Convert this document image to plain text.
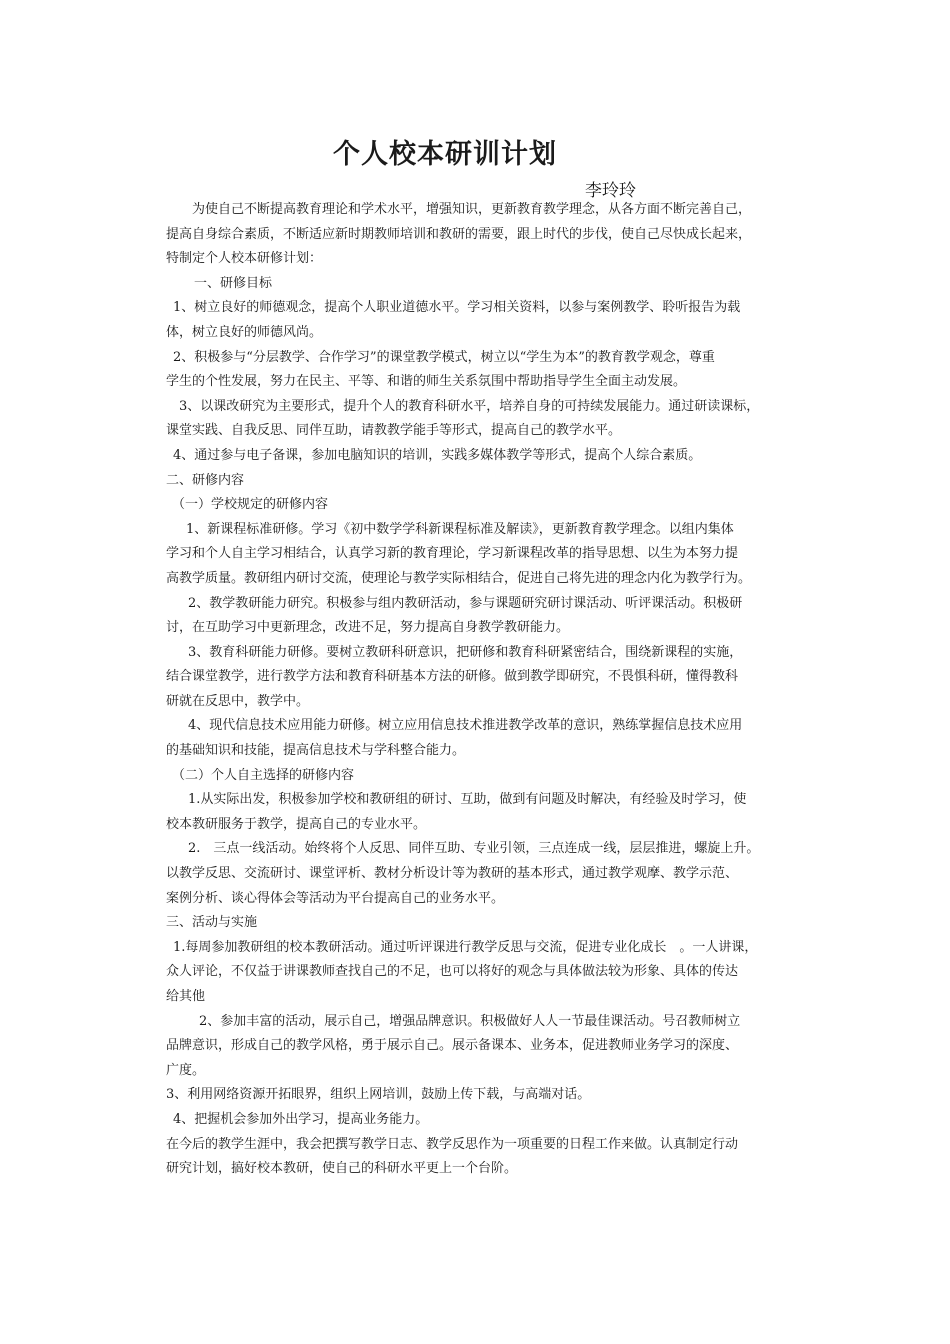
个人校本研训计划
李玲玲
为使自己不断提高教育理论和学术水平，增强知识，更新教育教学理念，从各方面不断完善自己，
提高自身综合素质，不断适应新时期教师培训和教研的需要，跟上时代的步伐，使自己尽快成长起来，
特制定个人校本研修计划：
一、研修目标
1、树立良好的师德观念，提高个人职业道德水平。学习相关资料，以参与案例教学、聆听报告为载
体，树立良好的师德风尚。
2、积极参与“分层教学、合作学习”的课堂教学模式，树立以“学生为本”的教育教学观念，尊重
学生的个性发展，努力在民主、平等、和谐的师生关系氛围中帮助指导学生全面主动发展。
3、以课改研究为主要形式，提升个人的教育科研水平，培养自身的可持续发展能力。通过研读课标，
课堂实践、自我反思、同伴互助，请教教学能手等形式，提高自己的教学水平。
4、通过参与电子备课，参加电脑知识的培训，实践多媒体教学等形式，提高个人综合素质。
二、研修内容
（一）学校规定的研修内容
1、新课程标准研修。学习《初中数学学科新课程标准及解读》，更新教育教学理念。以组内集体
学习和个人自主学习相结合，认真学习新的教育理论，学习新课程改革的指导思想、以生为本努力提
高教学质量。教研组内研讨交流，使理论与教学实际相结合，促进自己将先进的理念内化为教学行为。
2、教学教研能力研究。积极参与组内教研活动，参与课题研究研讨课活动、听评课活动。积极研
讨，在互助学习中更新理念，改进不足，努力提高自身教学教研能力。
3、教育科研能力研修。要树立教研科研意识，把研修和教育科研紧密结合，围绕新课程的实施，
结合课堂教学，进行教学方法和教育科研基本方法的研修。做到教学即研究，不畏惧科研，懂得教科
研就在反思中，教学中。
4、现代信息技术应用能力研修。树立应用信息技术推进教学改革的意识，熟练掌握信息技术应用
的基础知识和技能，提高信息技术与学科整合能力。
（二）个人自主选择的研修内容
1.从实际出发，积极参加学校和教研组的研讨、互助，做到有问题及时解决，有经验及时学习，使
校本教研服务于教学，提高自己的专业水平。
2.　三点一线活动。始终将个人反思、同伴互助、专业引领，三点连成一线，层层推进，螺旋上升。
以教学反思、交流研讨、课堂评析、教材分析设计等为教研的基本形式，通过教学观摩、教学示范、
案例分析、谈心得体会等活动为平台提高自己的业务水平。
三、活动与实施
1.每周参加教研组的校本教研活动。通过听评课进行教学反思与交流，促进专业化成长　。一人讲课，
众人评论，不仅益于讲课教师查找自己的不足，也可以将好的观念与具体做法较为形象、具体的传达
给其他
2、参加丰富的活动，展示自己，增强品牌意识。积极做好人人一节最佳课活动。号召教师树立
品牌意识，形成自己的教学风格，勇于展示自己。展示备课本、业务本，促进教师业务学习的深度、
广度。
3、利用网络资源开拓眼界，组织上网培训，鼓励上传下载，与高端对话。
4、把握机会参加外出学习，提高业务能力。
在今后的教学生涯中，我会把撰写教学日志、教学反思作为一项重要的日程工作来做。认真制定行动
研究计划，搞好校本教研，使自己的科研水平更上一个台阶。
